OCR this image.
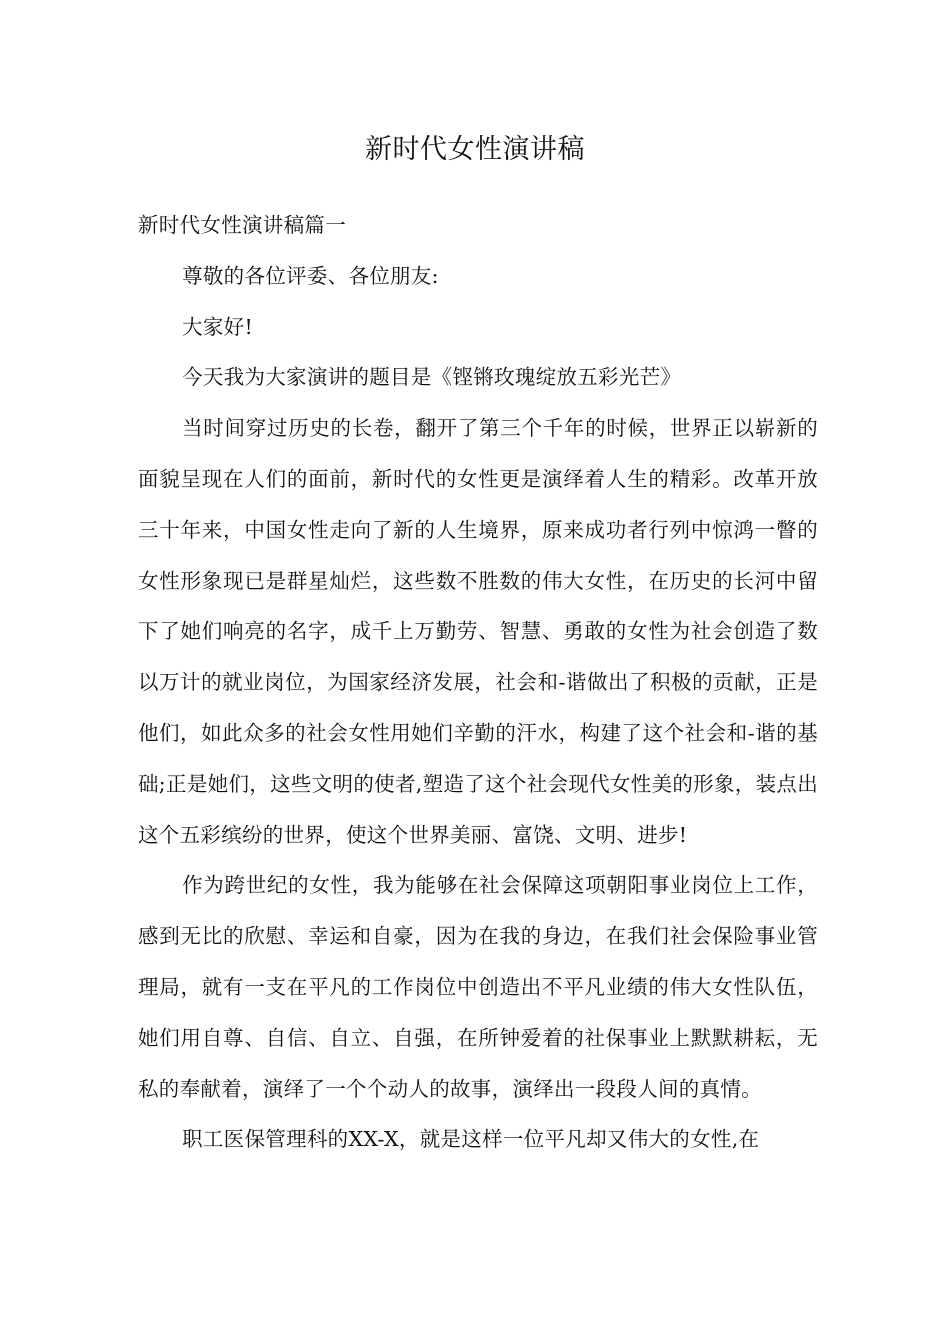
新时代女性演讲稿

新时代女性演讲稿篇一

尊敬的各位评委、各位朋友:

大家好!

今天我为大家演讲的题目是《铿锵玫瑰绽放五彩光芒》

当时间穿过历史的长卷，翻开了第三个千年的时候，世界正以崭新的面貌呈现在人们的面前，新时代的女性更是演绎着人生的精彩。改革开放三十年来，中国女性走向了新的人生境界，原来成功者行列中惊鸿一瞥的女性形象现已是群星灿烂，这些数不胜数的伟大女性，在历史的长河中留下了她们响亮的名字，成千上万勤劳、智慧、勇敢的女性为社会创造了数以万计的就业岗位，为国家经济发展，社会和-谐做出了积极的贡献，正是他们，如此众多的社会女性用她们辛勤的汗水，构建了这个社会和-谐的基础;正是她们，这些文明的使者,塑造了这个社会现代女性美的形象，装点出这个五彩缤纷的世界，使这个世界美丽、富饶、文明、进步!

作为跨世纪的女性，我为能够在社会保障这项朝阳事业岗位上工作，感到无比的欣慰、幸运和自豪，因为在我的身边，在我们社会保险事业管理局，就有一支在平凡的工作岗位中创造出不平凡业绩的伟大女性队伍，她们用自尊、自信、自立、自强，在所钟爱着的社保事业上默默耕耘，无私的奉献着，演绎了一个个动人的故事，演绎出一段段人间的真情。

职工医保管理科的XX-X，就是这样一位平凡却又伟大的女性,在
